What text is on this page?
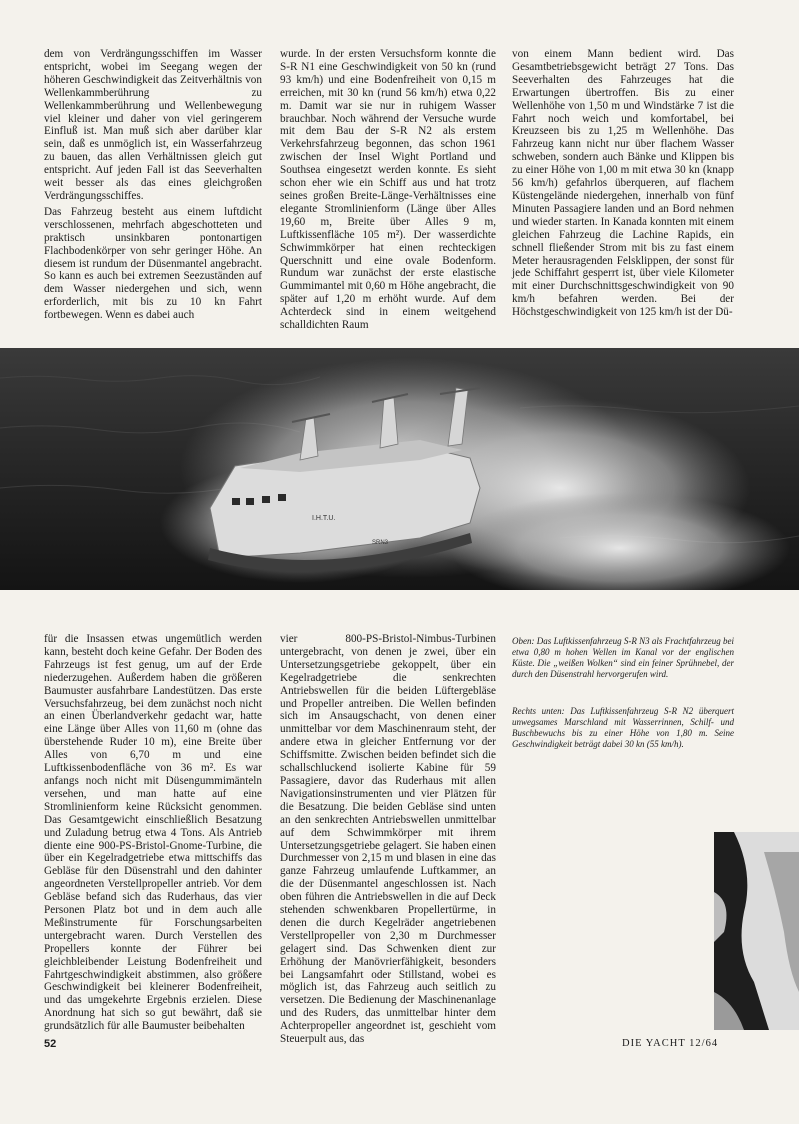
dem von Verdrängungsschiffen im Wasser entspricht, wobei im Seegang wegen der höheren Geschwindigkeit das Zeitverhältnis von Wellenkammberührung zu Wellenkammberührung und Wellenbewegung viel kleiner und daher von viel geringerem Einfluß ist. Man muß sich aber darüber klar sein, daß es unmöglich ist, ein Wasserfahrzeug zu bauen, das allen Verhältnissen gleich gut entspricht. Auf jeden Fall ist das Seeverhalten weit besser als das eines gleichgroßen Verdrängungsschiffes.

Das Fahrzeug besteht aus einem luftdicht verschlossenen, mehrfach abgeschotteten und praktisch unsinkbaren pontonartigen Flachbodenkörper von sehr geringer Höhe. An diesem ist rundum der Düsenmantel angebracht. So kann es auch bei extremen Seezuständen auf dem Wasser niedergehen und sich, wenn erforderlich, mit bis zu 10 kn Fahrt fortbewegen. Wenn es dabei auch

wurde. In der ersten Versuchsform konnte die S-R N1 eine Geschwindigkeit von 50 kn (rund 93 km/h) und eine Bodenfreiheit von 0,15 m erreichen, mit 30 kn (rund 56 km/h) etwa 0,22 m. Damit war sie nur in ruhigem Wasser brauchbar. Noch während der Versuche wurde mit dem Bau der S-R N2 als erstem Verkehrsfahrzeug begonnen, das schon 1961 zwischen der Insel Wight Portland und Southsea eingesetzt werden konnte. Es sieht schon eher wie ein Schiff aus und hat trotz seines großen Breite-Länge-Verhältnisses eine elegante Stromlinienform (Länge über Alles 19,60 m, Breite über Alles 9 m, Luftkissenfläche 105 m²). Der wasserdichte Schwimmkörper hat einen rechteckigen Querschnitt und eine ovale Bodenform. Rundum war zunächst der erste elastische Gummimantel mit 0,60 m Höhe angebracht, die später auf 1,20 m erhöht wurde. Auf dem Achterdeck sind in einem weitgehend schalldichten Raum

von einem Mann bedient wird. Das Gesamtbetriebsgewicht beträgt 27 Tons. Das Seeverhalten des Fahrzeuges hat die Erwartungen übertroffen. Bis zu einer Wellenhöhe von 1,50 m und Windstärke 7 ist die Fahrt noch weich und komfortabel, bei Kreuzseen bis zu 1,25 m Wellenhöhe. Das Fahrzeug kann nicht nur über flachem Wasser schweben, sondern auch Bänke und Klippen bis zu einer Höhe von 1,00 m mit etwa 30 kn (knapp 56 km/h) gefahrlos überqueren, auf flachem Küstengelände niedergehen, innerhalb von fünf Minuten Passagiere landen und an Bord nehmen und wieder starten. In Kanada konnten mit einem gleichen Fahrzeug die Lachine Rapids, ein schnell fließender Strom mit bis zu fast einem Meter herausragenden Felsklippen, der sonst für jede Schiffahrt gesperrt ist, über viele Kilometer mit einer Durchschnittsgeschwindigkeit von 90 km/h befahren werden. Bei der Höchstgeschwindigkeit von 125 km/h ist der Dü-

I.H.T.U.
SRN3

für die Insassen etwas ungemütlich werden kann, besteht doch keine Gefahr. Der Boden des Fahrzeugs ist fest genug, um auf der Erde niederzugehen. Außerdem haben die größeren Baumuster ausfahrbare Landestützen. Das erste Versuchsfahrzeug, bei dem zunächst noch nicht an einen Überlandverkehr gedacht war, hatte eine Länge über Alles von 11,60 m (ohne das überstehende Ruder 10 m), eine Breite über Alles von 6,70 m und eine Luftkissenbodenfläche von 36 m². Es war anfangs noch nicht mit Düsengummimänteln versehen, und man hatte auf eine Stromlinienform keine Rücksicht genommen. Das Gesamtgewicht einschließlich Besatzung und Zuladung betrug etwa 4 Tons. Als Antrieb diente eine 900-PS-Bristol-Gnome-Turbine, die über ein Kegelradgetriebe etwa mittschiffs das Gebläse für den Düsenstrahl und den dahinter angeordneten Verstellpropeller antrieb. Vor dem Gebläse befand sich das Ruderhaus, das vier Personen Platz bot und in dem auch alle Meßinstrumente für Forschungsarbeiten untergebracht waren. Durch Verstellen des Propellers konnte der Führer bei gleichbleibender Leistung Bodenfreiheit und Fahrtgeschwindigkeit abstimmen, also größere Geschwindigkeit bei kleinerer Bodenfreiheit, und das umgekehrte Ergebnis erzielen. Diese Anordnung hat sich so gut bewährt, daß sie grundsätzlich für alle Baumuster beibehalten

vier 800-PS-Bristol-Nimbus-Turbinen untergebracht, von denen je zwei, über ein Untersetzungsgetriebe gekoppelt, über ein Kegelradgetriebe die senkrechten Antriebswellen für die beiden Lüftergebläse und Propeller antreiben. Die Wellen befinden sich im Ansaugschacht, von denen einer unmittelbar vor dem Maschinenraum steht, der andere etwa in gleicher Entfernung vor der Schiffsmitte. Zwischen beiden befindet sich die schallschluckend isolierte Kabine für 59 Passagiere, davor das Ruderhaus mit allen Navigationsinstrumenten und vier Plätzen für die Besatzung. Die beiden Gebläse sind unten an den senkrechten Antriebswellen unmittelbar auf dem Schwimmkörper mit ihrem Untersetzungsgetriebe gelagert. Sie haben einen Durchmesser von 2,15 m und blasen in eine das ganze Fahrzeug umlaufende Luftkammer, an die der Düsenmantel angeschlossen ist. Nach oben führen die Antriebswellen in die auf Deck stehenden schwenkbaren Propellertürme, in denen die durch Kegelräder angetriebenen Verstellpropeller von 2,30 m Durchmesser gelagert sind. Das Schwenken dient zur Erhöhung der Manövrierfähigkeit, besonders bei Langsamfahrt oder Stillstand, wobei es möglich ist, das Fahrzeug auch seitlich zu versetzen. Die Bedienung der Maschinenanlage und des Ruders, das unmittelbar hinter dem Achterpropeller angeordnet ist, geschieht vom Steuerpult aus, das

Oben: Das Luftkissenfahrzeug S-R N3 als Frachtfahrzeug bei etwa 0,80 m hohen Wellen im Kanal vor der englischen Küste. Die „weißen Wolken“ sind ein feiner Sprühnebel, der durch den Düsenstrahl hervorgerufen wird.
Rechts unten: Das Luftkissenfahrzeug S-R N2 überquert unwegsames Marschland mit Wasserrinnen, Schilf- und Buschbewuchs bis zu einer Höhe von 1,80 m. Seine Geschwindigkeit beträgt dabei 30 kn (55 km/h).
52	DIE YACHT 12/64
